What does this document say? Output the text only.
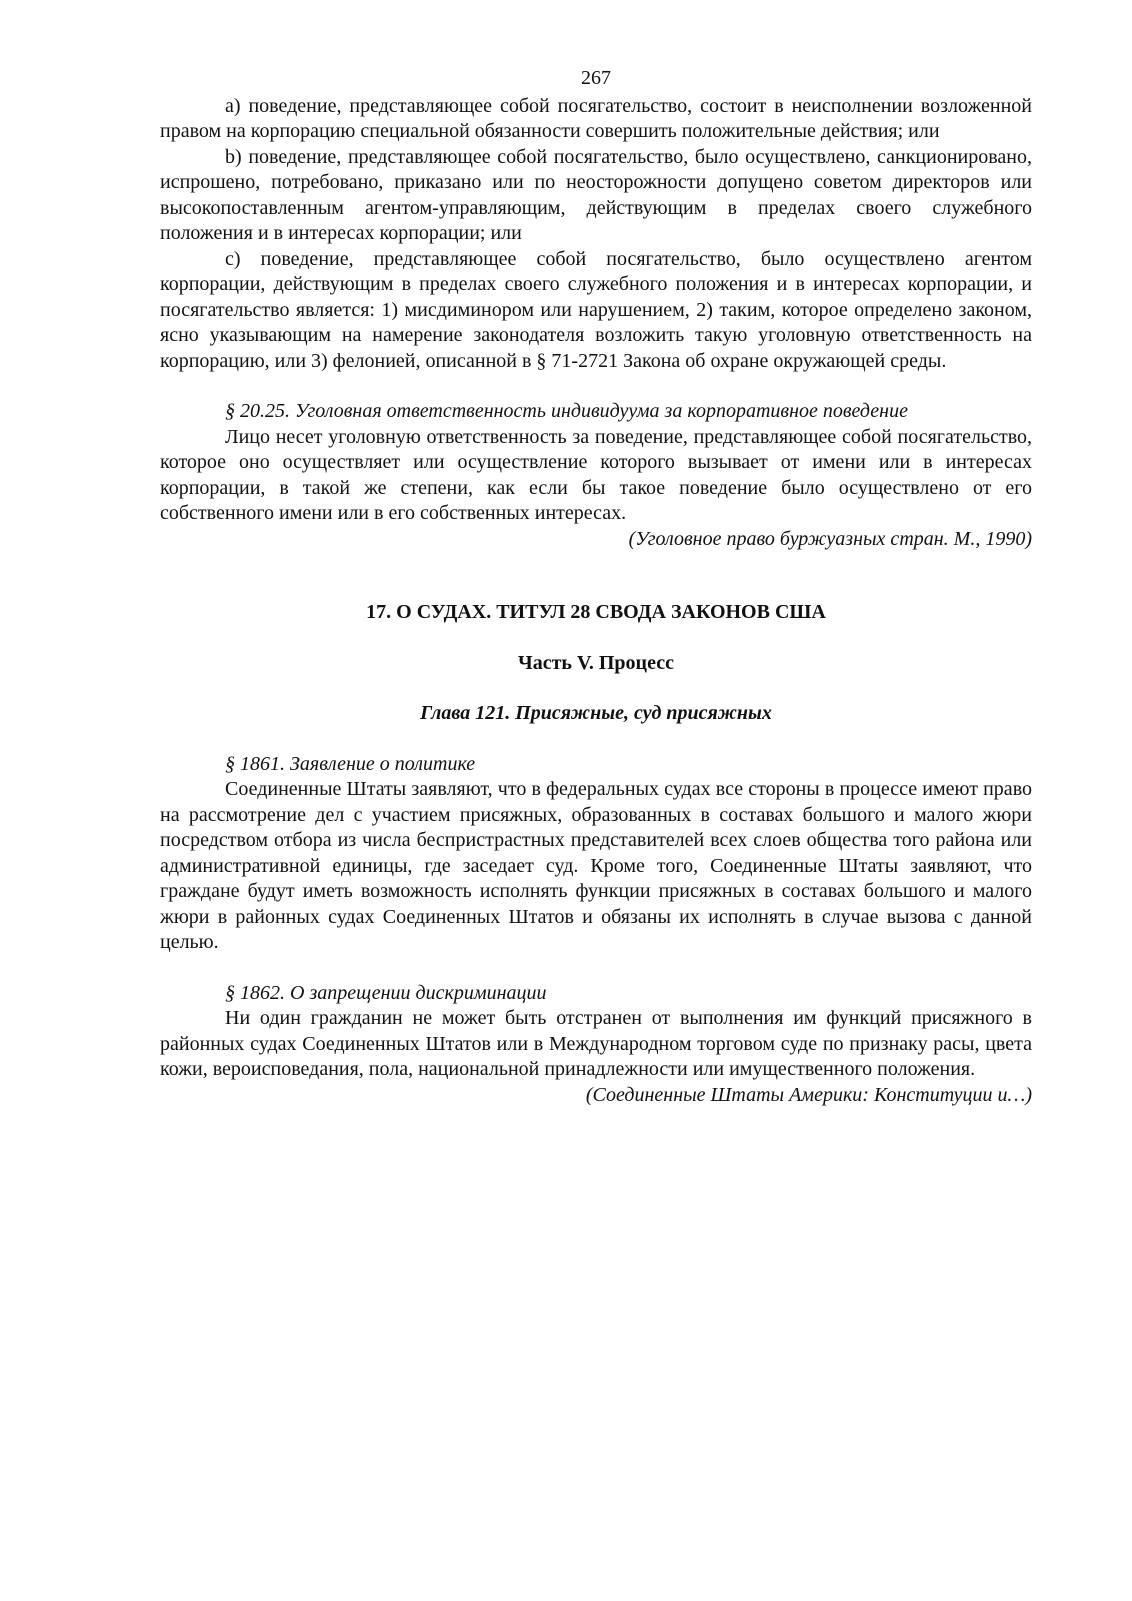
267

a) поведение, представляющее собой посягательство, состоит в неисполнении возложенной правом на корпорацию специальной обязанности совершить положительные действия; или

b) поведение, представляющее собой посягательство, было осуществлено, санкционировано, испрошено, потребовано, приказано или по неосторожности допущено советом директоров или высокопоставленным агентом-управляющим, действующим в пределах своего служебного положения и в интересах корпорации; или

c) поведение, представляющее собой посягательство, было осуществлено агентом корпорации, действующим в пределах своего служебного положения и в интересах корпорации, и посягательство является: 1) мисдиминором или нарушением, 2) таким, которое определено законом, ясно указывающим на намерение законодателя возложить такую уголовную ответственность на корпорацию, или 3) фелонией, описанной в § 71-2721 Закона об охране окружающей среды.

§ 20.25. Уголовная ответственность индивидуума за корпоративное поведение

Лицо несет уголовную ответственность за поведение, представляющее собой посягательство, которое оно осуществляет или осуществление которого вызывает от имени или в интересах корпорации, в такой же степени, как если бы такое поведение было осуществлено от его собственного имени или в его собственных интересах.

(Уголовное право буржуазных стран. М., 1990)

17. О СУДАХ. ТИТУЛ 28 СВОДА ЗАКОНОВ США
Часть V. Процесс
Глава 121. Присяжные, суд присяжных

§ 1861. Заявление о политике

Соединенные Штаты заявляют, что в федеральных судах все стороны в процессе имеют право на рассмотрение дел с участием присяжных, образованных в составах большого и малого жюри посредством отбора из числа беспристрастных представителей всех слоев общества того района или административной единицы, где заседает суд. Кроме того, Соединенные Штаты заявляют, что граждане будут иметь возможность исполнять функции присяжных в составах большого и малого жюри в районных судах Соединенных Штатов и обязаны их исполнять в случае вызова с данной целью.

§ 1862. О запрещении дискриминации

Ни один гражданин не может быть отстранен от выполнения им функций присяжного в районных судах Соединенных Штатов или в Международном торговом суде по признаку расы, цвета кожи, вероисповедания, пола, национальной принадлежности или имущественного положения.

(Соединенные Штаты Америки: Конституции и…)
